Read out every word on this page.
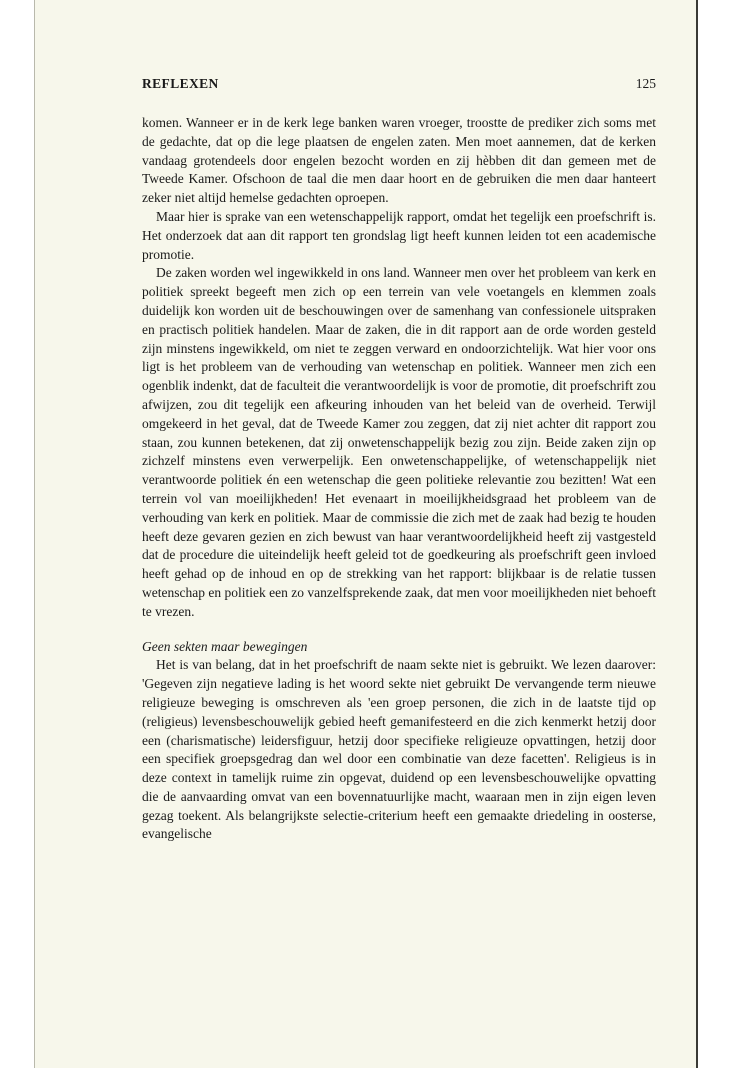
REFLEXEN	125

komen. Wanneer er in de kerk lege banken waren vroeger, troostte de prediker zich soms met de gedachte, dat op die lege plaatsen de engelen zaten. Men moet aannemen, dat de kerken vandaag grotendeels door engelen bezocht worden en zij hèbben dit dan gemeen met de Tweede Kamer. Ofschoon de taal die men daar hoort en de gebruiken die men daar hanteert zeker niet altijd hemelse gedachten oproepen.

Maar hier is sprake van een wetenschappelijk rapport, omdat het tegelijk een proefschrift is. Het onderzoek dat aan dit rapport ten grondslag ligt heeft kunnen leiden tot een academische promotie.

De zaken worden wel ingewikkeld in ons land. Wanneer men over het probleem van kerk en politiek spreekt begeeft men zich op een terrein van vele voetangels en klemmen zoals duidelijk kon worden uit de beschouwingen over de samenhang van confessionele uitspraken en practisch politiek handelen. Maar de zaken, die in dit rapport aan de orde worden gesteld zijn minstens ingewikkeld, om niet te zeggen verward en ondoorzichtelijk. Wat hier voor ons ligt is het probleem van de verhouding van wetenschap en politiek. Wanneer men zich een ogenblik indenkt, dat de faculteit die verantwoordelijk is voor de promotie, dit proefschrift zou afwijzen, zou dit tegelijk een afkeuring inhouden van het beleid van de overheid. Terwijl omgekeerd in het geval, dat de Tweede Kamer zou zeggen, dat zij niet achter dit rapport zou staan, zou kunnen betekenen, dat zij onwetenschappelijk bezig zou zijn. Beide zaken zijn op zichzelf minstens even verwerpelijk. Een onwetenschappelijke, of wetenschappelijk niet verantwoorde politiek én een wetenschap die geen politieke relevantie zou bezitten! Wat een terrein vol van moeilijkheden! Het evenaart in moeilijkheidsgraad het probleem van de verhouding van kerk en politiek. Maar de commissie die zich met de zaak had bezig te houden heeft deze gevaren gezien en zich bewust van haar verantwoordelijkheid heeft zij vastgesteld dat de procedure die uiteindelijk heeft geleid tot de goedkeuring als proefschrift geen invloed heeft gehad op de inhoud en op de strekking van het rapport: blijkbaar is de relatie tussen wetenschap en politiek een zo vanzelfsprekende zaak, dat men voor moeilijkheden niet behoeft te vrezen.

Geen sekten maar bewegingen

Het is van belang, dat in het proefschrift de naam sekte niet is gebruikt. We lezen daarover: 'Gegeven zijn negatieve lading is het woord sekte niet gebruikt De vervangende term nieuwe religieuze beweging is omschreven als 'een groep personen, die zich in de laatste tijd op (religieus) levensbeschouwelijk gebied heeft gemanifesteerd en die zich kenmerkt hetzij door een (charismatische) leidersfiguur, hetzij door specifieke religieuze opvattingen, hetzij door een specifiek groepsgedrag dan wel door een combinatie van deze facetten'. Religieus is in deze context in tamelijk ruime zin opgevat, duidend op een levensbeschouwelijke opvatting die de aanvaarding omvat van een bovennatuurlijke macht, waaraan men in zijn eigen leven gezag toekent. Als belangrijkste selectie-criterium heeft een gemaakte driedeling in oosterse, evangelische
